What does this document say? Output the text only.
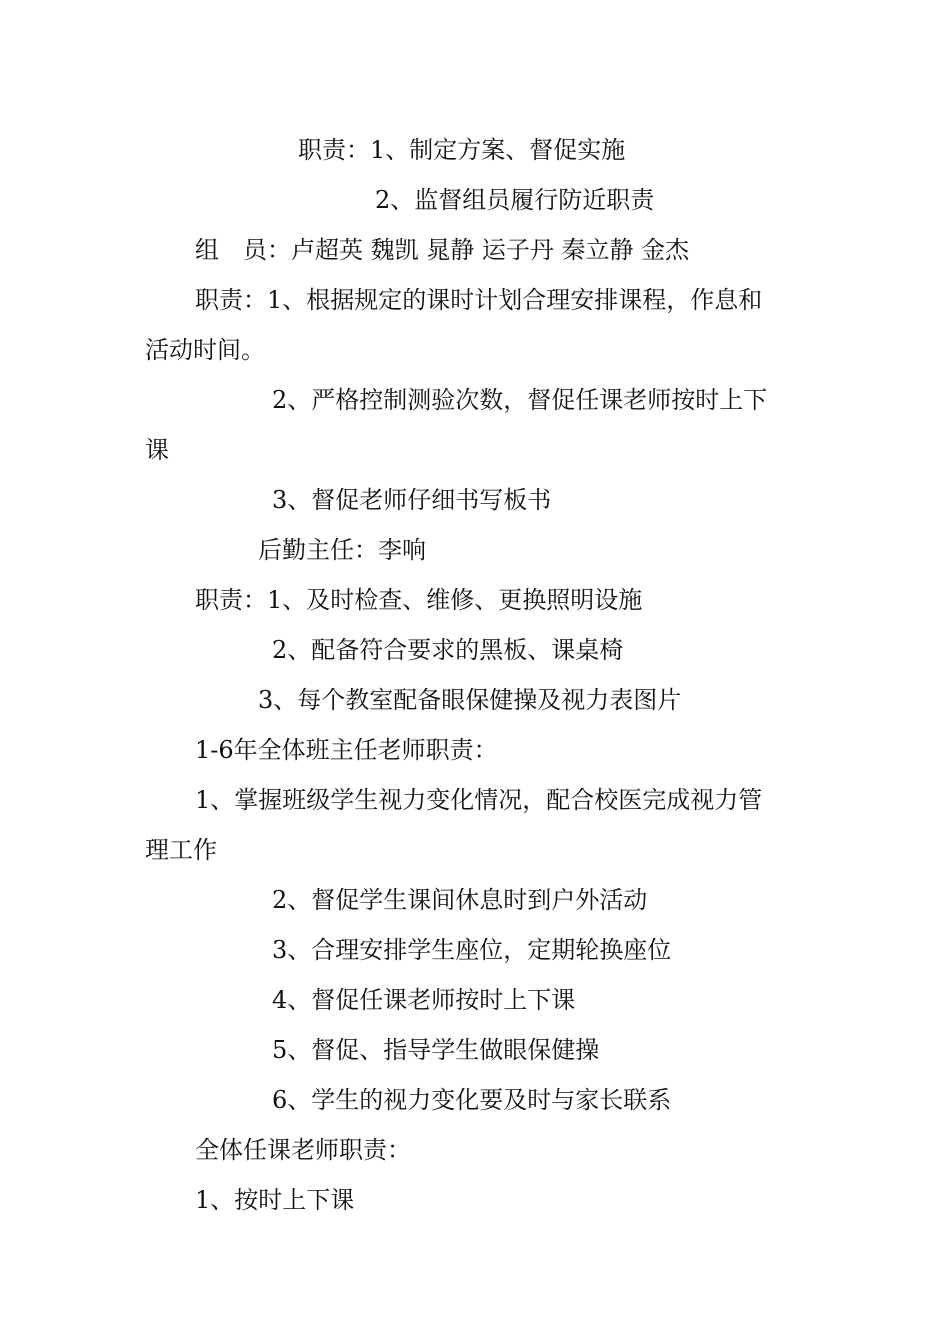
职责：1、制定方案、督促实施
2、监督组员履行防近职责
组　员：卢超英 魏凯 晁静 运子丹 秦立静 金杰
职责：1、根据规定的课时计划合理安排课程，作息和
活动时间。
2、严格控制测验次数，督促任课老师按时上下
课
3、督促老师仔细书写板书
后勤主任：李响
职责：1、及时检查、维修、更换照明设施
2、配备符合要求的黑板、课桌椅
3、每个教室配备眼保健操及视力表图片
1-6年全体班主任老师职责：
1、掌握班级学生视力变化情况，配合校医完成视力管
理工作
2、督促学生课间休息时到户外活动
3、合理安排学生座位，定期轮换座位
4、督促任课老师按时上下课
5、督促、指导学生做眼保健操
6、学生的视力变化要及时与家长联系
全体任课老师职责：
1、按时上下课
